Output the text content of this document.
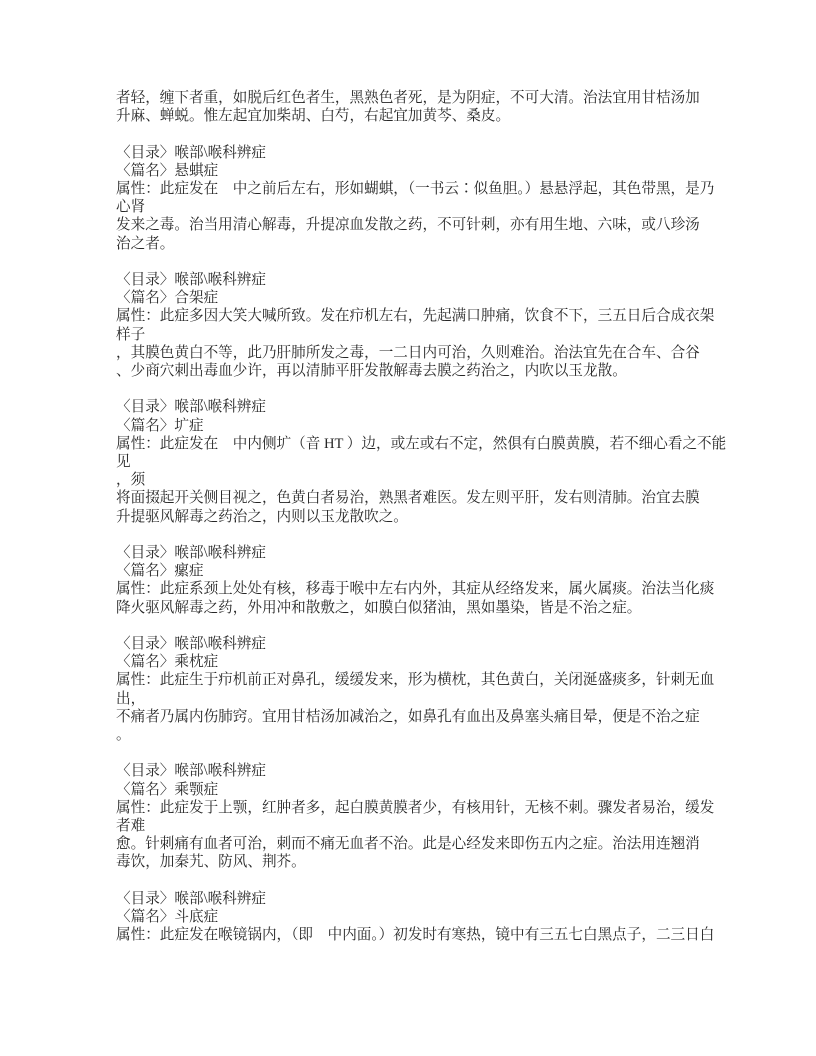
者轻，缠下者重，如脱后红色者生，黑熟色者死，是为阴症，不可大清。治法宜用甘桔汤加
升麻、蝉蜕。惟左起宜加柴胡、白芍，右起宜加黄芩、桑皮。
〈目录〉喉部\喉科辨症
〈篇名〉悬蜞症
属性：此症发在　中之前后左右，形如蝴蜞，（一书云∶似鱼胆。）悬悬浮起，其色带黑，是乃
心肾
发来之毒。治当用清心解毒，升提凉血发散之药，不可针刺，亦有用生地、六味，或八珍汤
治之者。
〈目录〉喉部\喉科辨症
〈篇名〉合架症
属性：此症多因大笑大喊所致。发在疖机左右，先起满口肿痛，饮食不下，三五日后合成衣架
样子
，其膜色黄白不等，此乃肝肺所发之毒，一二日内可治，久则难治。治法宜先在合车、合谷
、少商穴刺出毒血少许，再以清肺平肝发散解毒去膜之药治之，内吹以玉龙散。
〈目录〉喉部\喉科辨症
〈篇名〉圹症
属性：此症发在　中内侧圹（音 HT ）边，或左或右不定，然俱有白膜黄膜，若不细心看之不能
见
，须
将面掇起开关侧目视之，色黄白者易治，熟黑者难医。发左则平肝，发右则清肺。治宜去膜
升提驱风解毒之药治之，内则以玉龙散吹之。
〈目录〉喉部\喉科辨症
〈篇名〉瘰症
属性：此症系颈上处处有核，移毒于喉中左右内外，其症从经络发来，属火属痰。治法当化痰
降火驱风解毒之药，外用冲和散敷之，如膜白似猪油，黑如墨染，皆是不治之症。
〈目录〉喉部\喉科辨症
〈篇名〉乘枕症
属性：此症生于疖机前正对鼻孔，缓缓发来，形为横枕，其色黄白，关闭涎盛痰多，针刺无血
出，
不痛者乃属内伤肺窍。宜用甘桔汤加减治之，如鼻孔有血出及鼻塞头痛目晕，便是不治之症
。
〈目录〉喉部\喉科辨症
〈篇名〉乘颚症
属性：此症发于上颚，红肿者多，起白膜黄膜者少，有核用针，无核不刺。骤发者易治，缓发
者难
愈。针刺痛有血者可治，刺而不痛无血者不治。此是心经发来即伤五内之症。治法用连翘消
毒饮，加秦艽、防风、荆芥。
〈目录〉喉部\喉科辨症
〈篇名〉斗底症
属性：此症发在喉镜锅内，（即　中内面。）初发时有寒热，镜中有三五七白黑点子，二三日白
